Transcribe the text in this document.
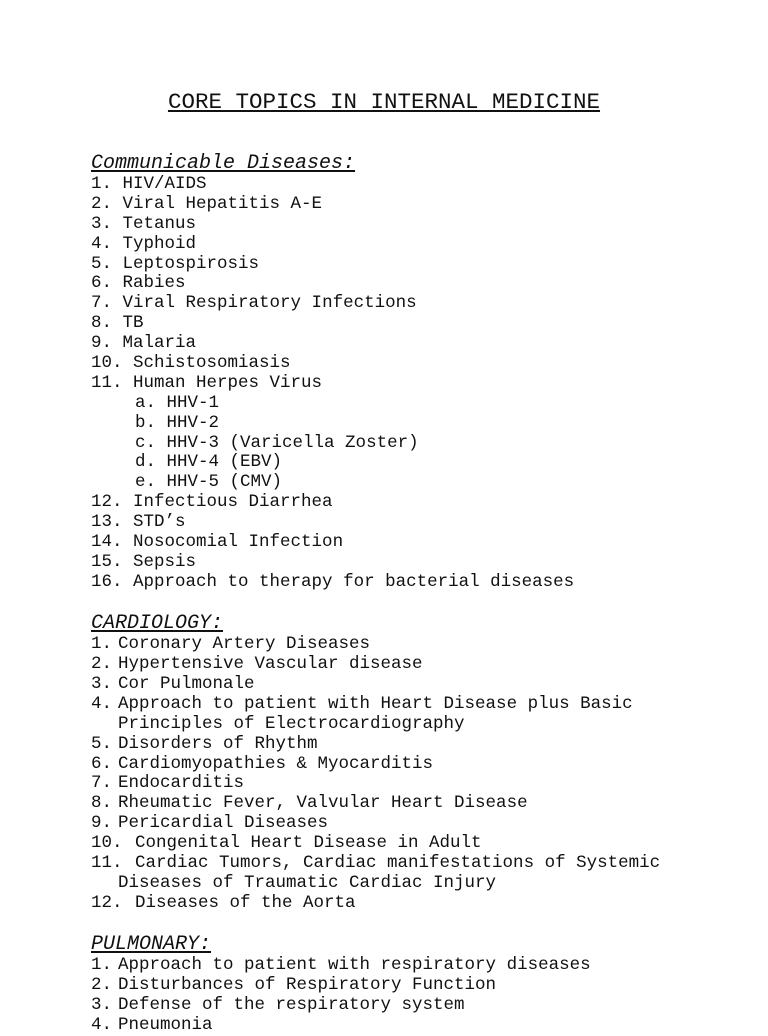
CORE TOPICS IN INTERNAL MEDICINE
Communicable Diseases:
1. HIV/AIDS
2. Viral Hepatitis A-E
3. Tetanus
4. Typhoid
5. Leptospirosis
6. Rabies
7. Viral Respiratory Infections
8. TB
9. Malaria
10. Schistosomiasis
11. Human Herpes Virus
a. HHV-1
b. HHV-2
c. HHV-3 (Varicella Zoster)
d. HHV-4 (EBV)
e. HHV-5 (CMV)
12. Infectious Diarrhea
13. STD’s
14. Nosocomial Infection
15. Sepsis
16. Approach to therapy for bacterial diseases
CARDIOLOGY:
1. Coronary Artery Diseases
2. Hypertensive Vascular disease
3. Cor Pulmonale
4. Approach to patient with Heart Disease plus Basic
Principles of Electrocardiography
5. Disorders of Rhythm
6. Cardiomyopathies & Myocarditis
7. Endocarditis
8. Rheumatic Fever, Valvular Heart Disease
9. Pericardial Diseases
10. Congenital Heart Disease in Adult
11. Cardiac Tumors, Cardiac manifestations of Systemic
Diseases of Traumatic Cardiac Injury
12. Diseases of the Aorta
PULMONARY:
1. Approach to patient with respiratory diseases
2. Disturbances of Respiratory Function
3. Defense of the respiratory system
4. Pneumonia
